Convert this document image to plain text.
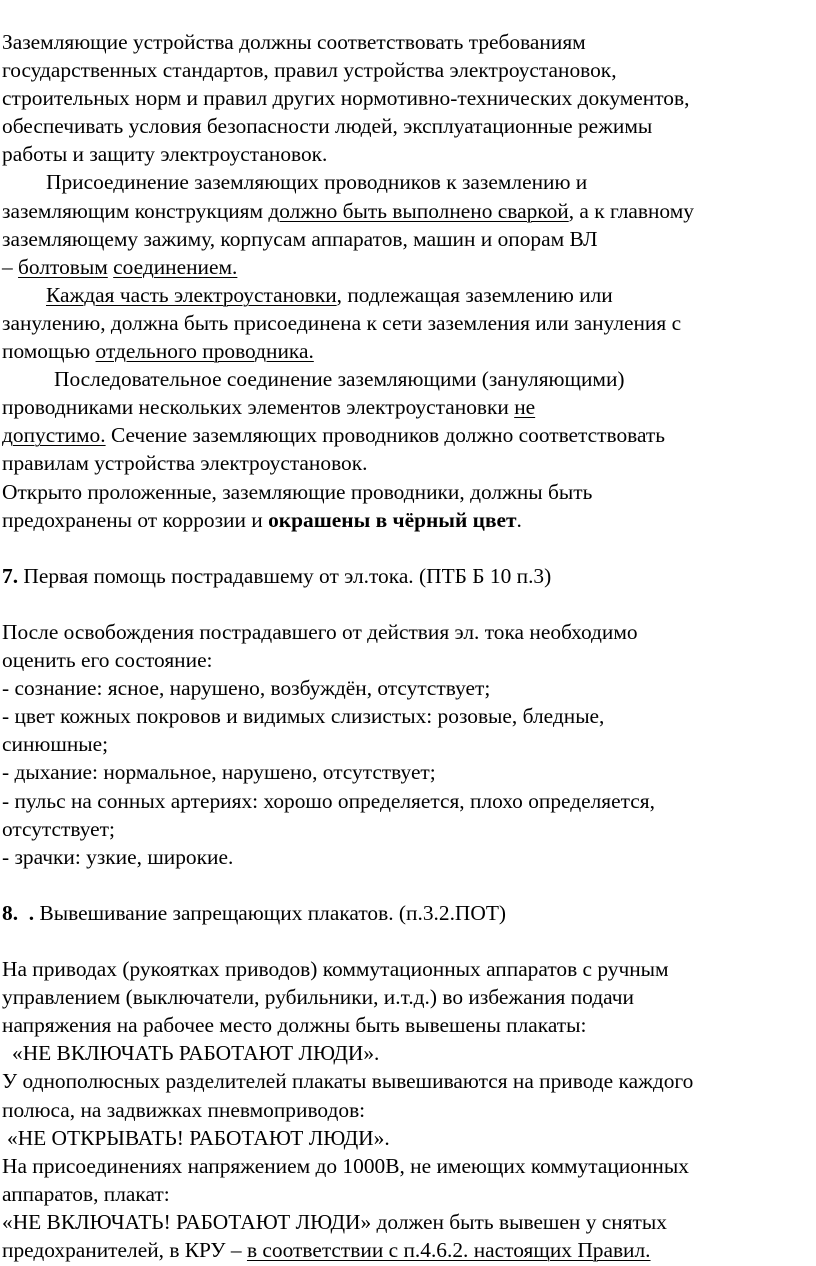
Заземляющие устройства должны соответствовать требованиям
государственных стандартов, правил устройства электроустановок,
строительных норм и правил других нормотивно-технических документов,
обеспечивать условия безопасности людей, эксплуатационные режимы
работы и защиту электроустановок.
Присоединение заземляющих проводников к заземлению и
заземляющим конструкциям должно быть выполнено сваркой, а к главному
заземляющему зажиму, корпусам аппаратов, машин и опорам ВЛ
– болтовым соединением.
Каждая часть электроустановки, подлежащая заземлению или
занулению, должна быть присоединена к сети заземления или зануления с
помощью отдельного проводника.
Последовательное соединение заземляющими (зануляющими)
проводниками нескольких элементов электроустановки не
допустимо. Сечение заземляющих проводников должно соответствовать
правилам устройства электроустановок.
Открыто проложенные, заземляющие проводники, должны быть
предохранены от коррозии и окрашены в чёрный цвет.
7. Первая помощь пострадавшему от эл.тока. (ПТБ Б 10 п.3)
После освобождения пострадавшего от действия эл. тока необходимо
оценить его состояние:
- сознание: ясное, нарушено, возбуждён, отсутствует;
- цвет кожных покровов и видимых слизистых: розовые, бледные,
синюшные;
- дыхание: нормальное, нарушено, отсутствует;
- пульс на сонных артериях: хорошо определяется, плохо определяется,
отсутствует;
- зрачки: узкие, широкие.
8. . Вывешивание запрещающих плакатов. (п.3.2.ПОТ)
На приводах (рукоятках приводов) коммутационных аппаратов с ручным
управлением (выключатели, рубильники, и.т.д.) во избежания подачи
напряжения на рабочее место должны быть вывешены плакаты:
«НЕ ВКЛЮЧАТЬ РАБОТАЮТ ЛЮДИ».
У однополюсных разделителей плакаты вывешиваются на приводе каждого
полюса, на задвижках пневмоприводов:
«НЕ ОТКРЫВАТЬ! РАБОТАЮТ ЛЮДИ».
На присоединениях напряжением до 1000В, не имеющих коммутационных
аппаратов, плакат:
«НЕ ВКЛЮЧАТЬ! РАБОТАЮТ ЛЮДИ» должен быть вывешен у снятых
предохранителей, в КРУ – в соответствии с п.4.6.2. настоящих Правил.
